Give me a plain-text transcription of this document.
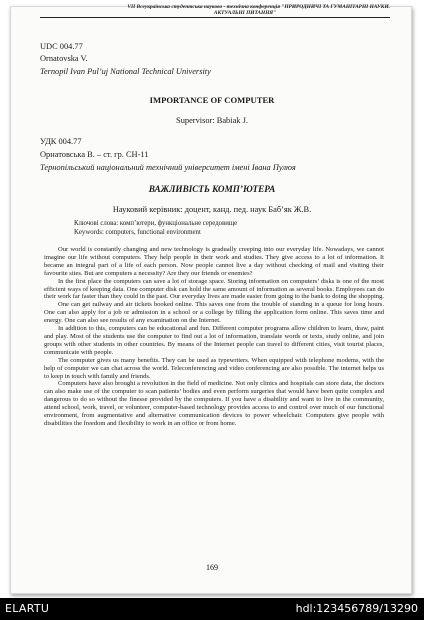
VII Всеукраїнська студентська науково - технічна конференція "ПРИРОДНИЧІ ТА ГУМАНІТАРНІ НАУКИ.
АКТУАЛЬНІ ПИТАННЯ"
UDC 004.77
Ornatovska V.
Ternopil Ivan Pul’uj National Technical University
IMPORTANCE OF COMPUTER
Supervisor: Babiak J.
УДК 004.77
Орнатовська В. – ст. гр. СН-11
Тернопільський національний технічний університет імені Івана Пулюя
ВАЖЛИВІСТЬ КОМП’ЮТЕРА
Науковий керівник: доцент, канд. пед. наук Баб’як Ж.В.
Ключові слова: комп’ютери, функціональне середовище
Keywords: computers, functional environment

Our world is constantly changing and new technology is gradually creeping into our everyday life. Nowadays, we cannot imagine our life without computers. They help people in their work and studies. They give access to a lot of information. It became an integral part of a life of each person. Now people cannot live a day without checking of mail and visiting their favourite sites. But are computers a necessity? Are they our friends or enemies?

In the first place the computers can save a lot of storage space. Storing information on computers’ disks is one of the most efficient ways of keeping data. One computer disk can hold the same amount of information as several books. Employees can do their work far faster than they could in the past. Our everyday lives are made easier from going to the bank to doing the shopping.

One can get railway and air tickets booked online. This saves one from the trouble of standing in a queue for long hours. One can also apply for a job or admission in a school or a college by filling the application form online. This saves time and energy. One can also see results of any examination on the Internet.

In addition to this, computers can be educational and fun. Different computer programs allow children to learn, draw, paint and play. Most of the students use the computer to find out a lot of information, translate words or texts, study online, and join groups with other students in other countries. By means of the Internet people can travel to different cities, visit tourist places, communicate with people.

The computer gives us many benefits. They can be used as typewriters. When equipped with telephone modems, with the help of computer we can chat across the world. Teleconferencing and video conferencing are also possible. The internet helps us to keep in touch with family and friends.

Computers have also brought a revolution in the field of medicine. Not only clinics and hospitals can store data, the doctors can also make use of the computer to scan patients’ bodies and even perform surgeries that would have been quite complex and dangerous to do so without the finesse provided by the computers. If you have a disability and want to live in the community, attend school, work, travel, or volunteer, computer-based technology provides access to and control over much of our functional environment, from augmentative and alternative communication devices to power wheelchair. Computers give people with disabilities the freedom and flexibility to work in an office or from home.

169
ELARTU	hdl:123456789/13290
